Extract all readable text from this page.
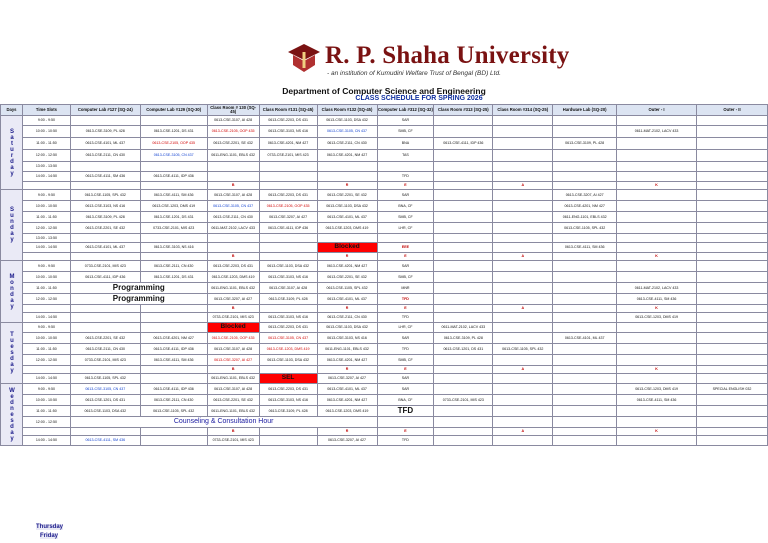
R. P. Shaha University
- an institution of Kumudini Welfare Trust of Bengal (BD) Ltd.
Department of Computer Science and Engineering
CLASS SCHEDULE FOR SPRING 2026
Days	Time Slots	Computer Lab #127 (SQ-24)	Computer Lab #129 (SQ-30)	Class Room # 130 (SQ-45)	Class Room #131 (SQ-45)	Class Room #132 (SQ-45)	Computer Lab #312 (SQ-32)	Class Room #313 (SQ-25)	Class Room #314 (SQ-25)	Hardware Lab (SQ-20)	Outer - I	Outer - II
Saturday	9:00 - 9:50			0613-CSE-3107, AI 428	0613-CSE-2203, DS 431	0613-CSE-1103, DSA 432	SAR					
	10:00 - 10:50	0613-CSE-3109, PL 428	0613-CSE-1201, DS 431	0613-CSE-2105, OOP 435	0613-CSE-3103, NS 416	0613-CSE-3105, CN 437	SMB, CF				0611-MAT-2102, LACV 433	
	11:00 - 11:50	0613-CSE-4101, ML 437	0613-CSE-2105, OOP 435	0613-CSE-2201, SE 432	0613-CSE-4201, NM 427	0613-CSE-2111, CN 430	BNA	0613-CSE-4111, IDP 436		0613-CSE-3109, PL 428		
	12:00 - 12:50	0613-CSE-2111, CN 430	0613-CSE-3105, CN 437	0611-ENG-1101, EBLS 432	0733-CSE-2101, MIS 423	0613-CSE-4201, NM 427	TAS					
	13:00 - 13:50											
	14:00 - 14:50	0613-CSE-4111, SM 436	0613-CSE-4111, IDP 436				TFD					
				B		R	E		A		K	
Sunday	9:00 - 9:50	0613-CSE-1105, SPL 432	0613-CSE-4111, SM 436	0613-CSE-3107, AI 428	0613-CSE-2203, DS 431	0613-CSE-2201, SE 432	SAR			0613-CSE-3207, AI 427		
	10:00 - 10:50	0613-CSE-3103, NS 416	0613-CSE-1203, DMS 419	0613-CSE-3105, CN 437	0613-CSE-2105, OOP 435	0613-CSE-1103, DSA 432	BNA, CF			0613-CSE-4201, NM 427		
	11:00 - 11:50	0613-CSE-3109, PL 428	0613-CSE-1201, DS 431	0613-CSE-2111, CN 430	0613-CSE-3207, AI 427	0613-CSE-4101, ML 437	SMB, CF			0611-ENG-1101, EBLS 432		
	12:00 - 12:50	0613-CSE-2201, SE 432	0733-CSE-2101, MIS 423	0611-MAT-2102, LACV 433	0613-CSE-4111, IDP 436	0613-CSE-1203, DMS 419	LHR, CF			0613-CSE-1105, SPL 432		
	13:00 - 13:50											
	14:00 - 14:50	0613-CSE-4101, ML 437	0613-CSE-3103, NS 416			Blocked	EEE			0613-CSE-4111, SM 436		
				B		R	E		A		K	
Monday	9:00 - 9:50	0733-CSE-2101, MIS 423	0613-CSE-2111, CN 430	0613-CSE-2203, DS 431	0613-CSE-1103, DSA 432	0613-CSE-4201, NM 427	SAR					
	10:00 - 10:50	0613-CSE-4111, IDP 436	0613-CSE-1201, DS 431	0613-CSE-1203, DMS 419	0613-CSE-3103, NS 416	0613-CSE-2201, SE 432	SMB, CF					
	11:00 - 11:50	Programming		0611-ENG-1101, EBLS 432	0613-CSE-3107, AI 428	0613-CSE-1105, SPL 432	MNR				0611-MAT-2102, LACV 433	
	12:00 - 12:50	Programming		0613-CSE-3207, AI 427	0613-CSE-3109, PL 428	0613-CSE-4101, ML 437	TFD				0613-CSE-4111, SM 436	
				B		R	E		A		K	
	14:00 - 14:50			0733-CSE-2101, MIS 423	0613-CSE-3103, NS 416	0613-CSE-2111, CN 430	TFD				0613-CSE-1203, DMS 419	
Tuesday	9:00 - 9:50			Blocked	0613-CSE-2203, DS 431	0613-CSE-1103, DSA 432	LHR, CF	0611-MAT-2102, LACV 433				
	10:00 - 10:50	0613-CSE-2201, SE 432	0613-CSE-4201, NM 427	0613-CSE-2105, OOP 435	0613-CSE-3105, CN 437	0613-CSE-3103, NS 416	SAR	0613-CSE-3109, PL 428		0613-CSE-4101, ML 437		
	11:00 - 11:50	0613-CSE-2111, CN 430	0613-CSE-4111, IDP 436	0613-CSE-3107, AI 428	0613-CSE-1203, DMS 419	0611-ENG-1101, EBLS 432	TFD	0613-CSE-1201, DS 431	0613-CSE-1105, SPL 432			
	12:00 - 12:50	0733-CSE-2101, MIS 423	0613-CSE-4111, SM 436	0613-CSE-3207, AI 427	0613-CSE-1103, DSA 432	0613-CSE-4201, NM 427	SMB, CF					
				B		R	E		A		K	
	14:00 - 14:50	0613-CSE-1105, SPL 432		0611-ENG-1101, EBLS 432	SEL	0613-CSE-3207, AI 427	SAR					
Wednesday	9:00 - 9:50	0613-CSE-3105, CN 437	0613-CSE-4111, IDP 436	0613-CSE-3107, AI 428	0613-CSE-2203, DS 431	0613-CSE-4101, ML 437	SAR				0613-CSE-1203, DMS 419	SPECIAL ENGLISH 032
	10:00 - 10:50	0613-CSE-1201, DS 431	0613-CSE-2111, CN 430	0613-CSE-2201, SE 432	0613-CSE-3103, NS 416	0613-CSE-4201, NM 427	BNA, CF	0733-CSE-2101, MIS 423			0613-CSE-4111, SM 436	
	11:00 - 11:50	0613-CSE-1103, DSA 432	0613-CSE-1105, SPL 432	0611-ENG-1101, EBLS 432	0613-CSE-3109, PL 428	0613-CSE-1203, DMS 419	TFD					
	12:00 - 12:50	Counseling & Consultation Hour										
				B		R	E		A		K	
	14:00 - 14:50	0613-CSE-4111, SM 436		0733-CSE-2101, MIS 423		0613-CSE-3207, AI 427	TFD					
Thursday
Friday
